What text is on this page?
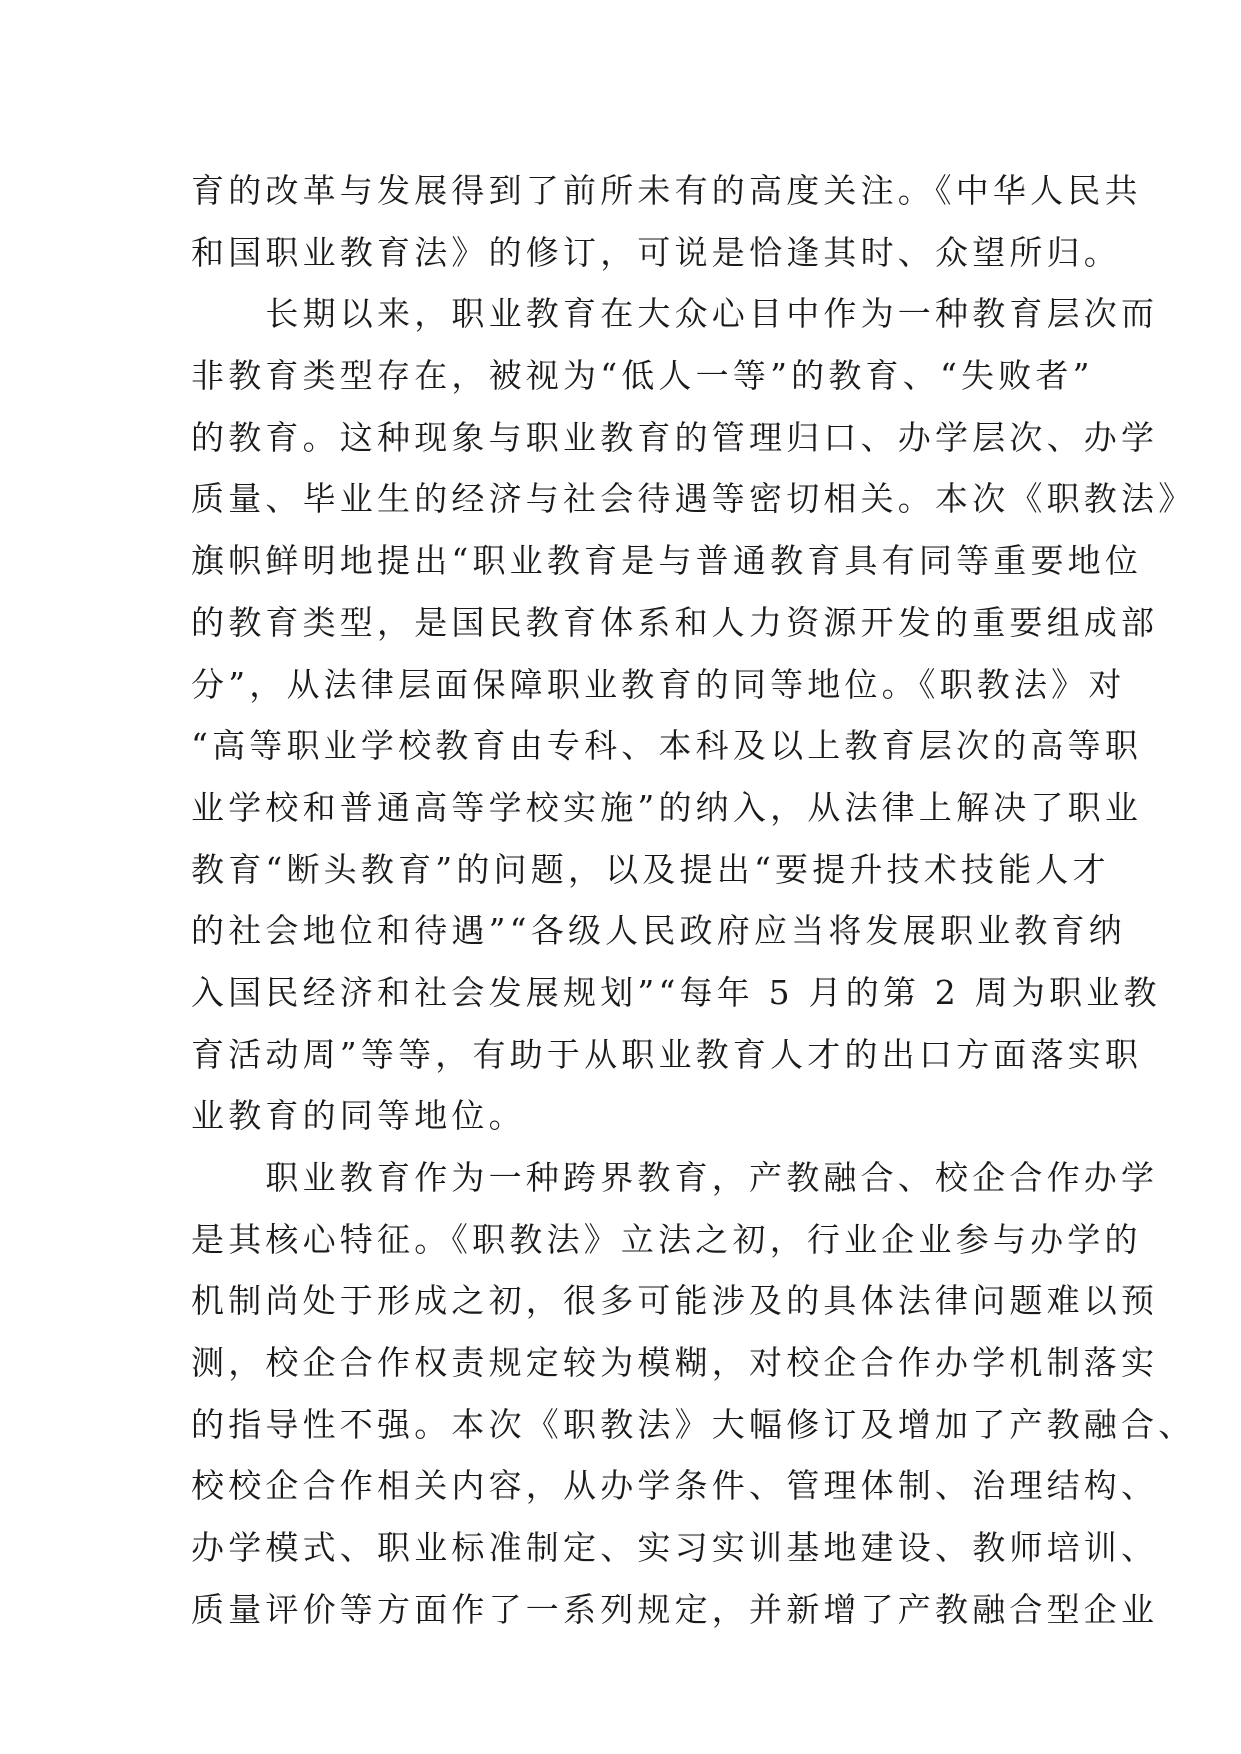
育的改革与发展得到了前所未有的高度关注。《中华人民共
和国职业教育法》的修订，可说是恰逢其时、众望所归。
　　长期以来，职业教育在大众心目中作为一种教育层次而
非教育类型存在，被视为“低人一等”的教育、“失败者”
的教育。这种现象与职业教育的管理归口、办学层次、办学
质量、毕业生的经济与社会待遇等密切相关。本次《职教法》
旗帜鲜明地提出“职业教育是与普通教育具有同等重要地位
的教育类型，是国民教育体系和人力资源开发的重要组成部
分”，从法律层面保障职业教育的同等地位。《职教法》对
“高等职业学校教育由专科、本科及以上教育层次的高等职
业学校和普通高等学校实施”的纳入，从法律上解决了职业
教育“断头教育”的问题，以及提出“要提升技术技能人才
的社会地位和待遇”“各级人民政府应当将发展职业教育纳
入国民经济和社会发展规划”“每年 5 月的第 2 周为职业教
育活动周”等等，有助于从职业教育人才的出口方面落实职
业教育的同等地位。
　　职业教育作为一种跨界教育，产教融合、校企合作办学
是其核心特征。《职教法》立法之初，行业企业参与办学的
机制尚处于形成之初，很多可能涉及的具体法律问题难以预
测，校企合作权责规定较为模糊，对校企合作办学机制落实
的指导性不强。本次《职教法》大幅修订及增加了产教融合、
校校企合作相关内容，从办学条件、管理体制、治理结构、
办学模式、职业标准制定、实习实训基地建设、教师培训、
质量评价等方面作了一系列规定，并新增了产教融合型企业
